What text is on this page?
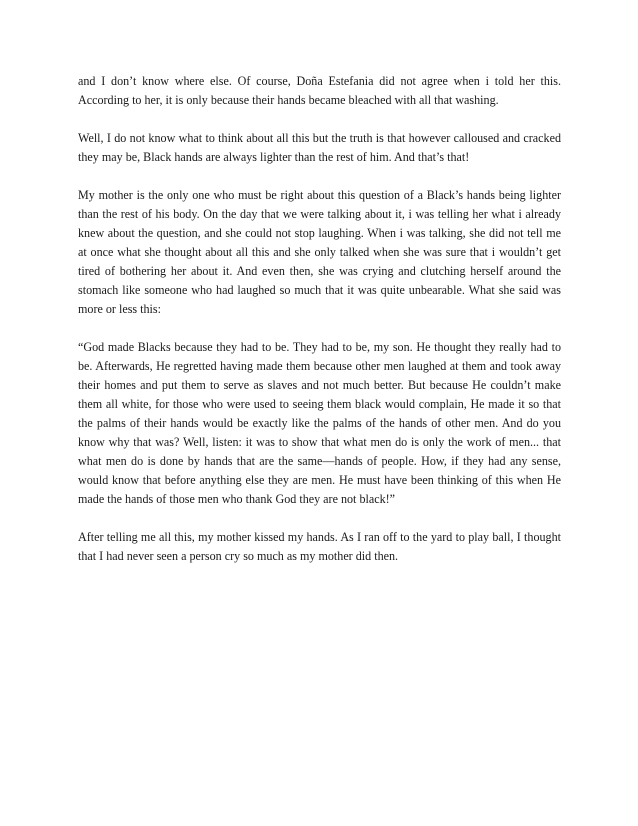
and I don’t know where else. Of course, Doña Estefania did not agree when i told her this. According to her, it is only because their hands became bleached with all that washing.

Well, I do not know what to think about all this but the truth is that however calloused and cracked they may be, Black hands are always lighter than the rest of him. And that’s that!

My mother is the only one who must be right about this question of a Black’s hands being lighter than the rest of his body. On the day that we were talking about it, i was telling her what i already knew about the question, and she could not stop laughing. When i was talking, she did not tell me at once what she thought about all this and she only talked when she was sure that i wouldn’t get tired of bothering her about it. And even then, she was crying and clutching herself around the stomach like someone who had laughed so much that it was quite unbearable. What she said was more or less this:

“God made Blacks because they had to be. They had to be, my son. He thought they really had to be. Afterwards, He regretted having made them because other men laughed at them and took away their homes and put them to serve as slaves and not much better. But because He couldn’t make them all white, for those who were used to seeing them black would complain, He made it so that the palms of their hands would be exactly like the palms of the hands of other men. And do you know why that was? Well, listen: it was to show that what men do is only the work of men... that what men do is done by hands that are the same—hands of people. How, if they had any sense, would know that before anything else they are men. He must have been thinking of this when He made the hands of those men who thank God they are not black!”

After telling me all this, my mother kissed my hands. As I ran off to the yard to play ball, I thought that I had never seen a person cry so much as my mother did then.
